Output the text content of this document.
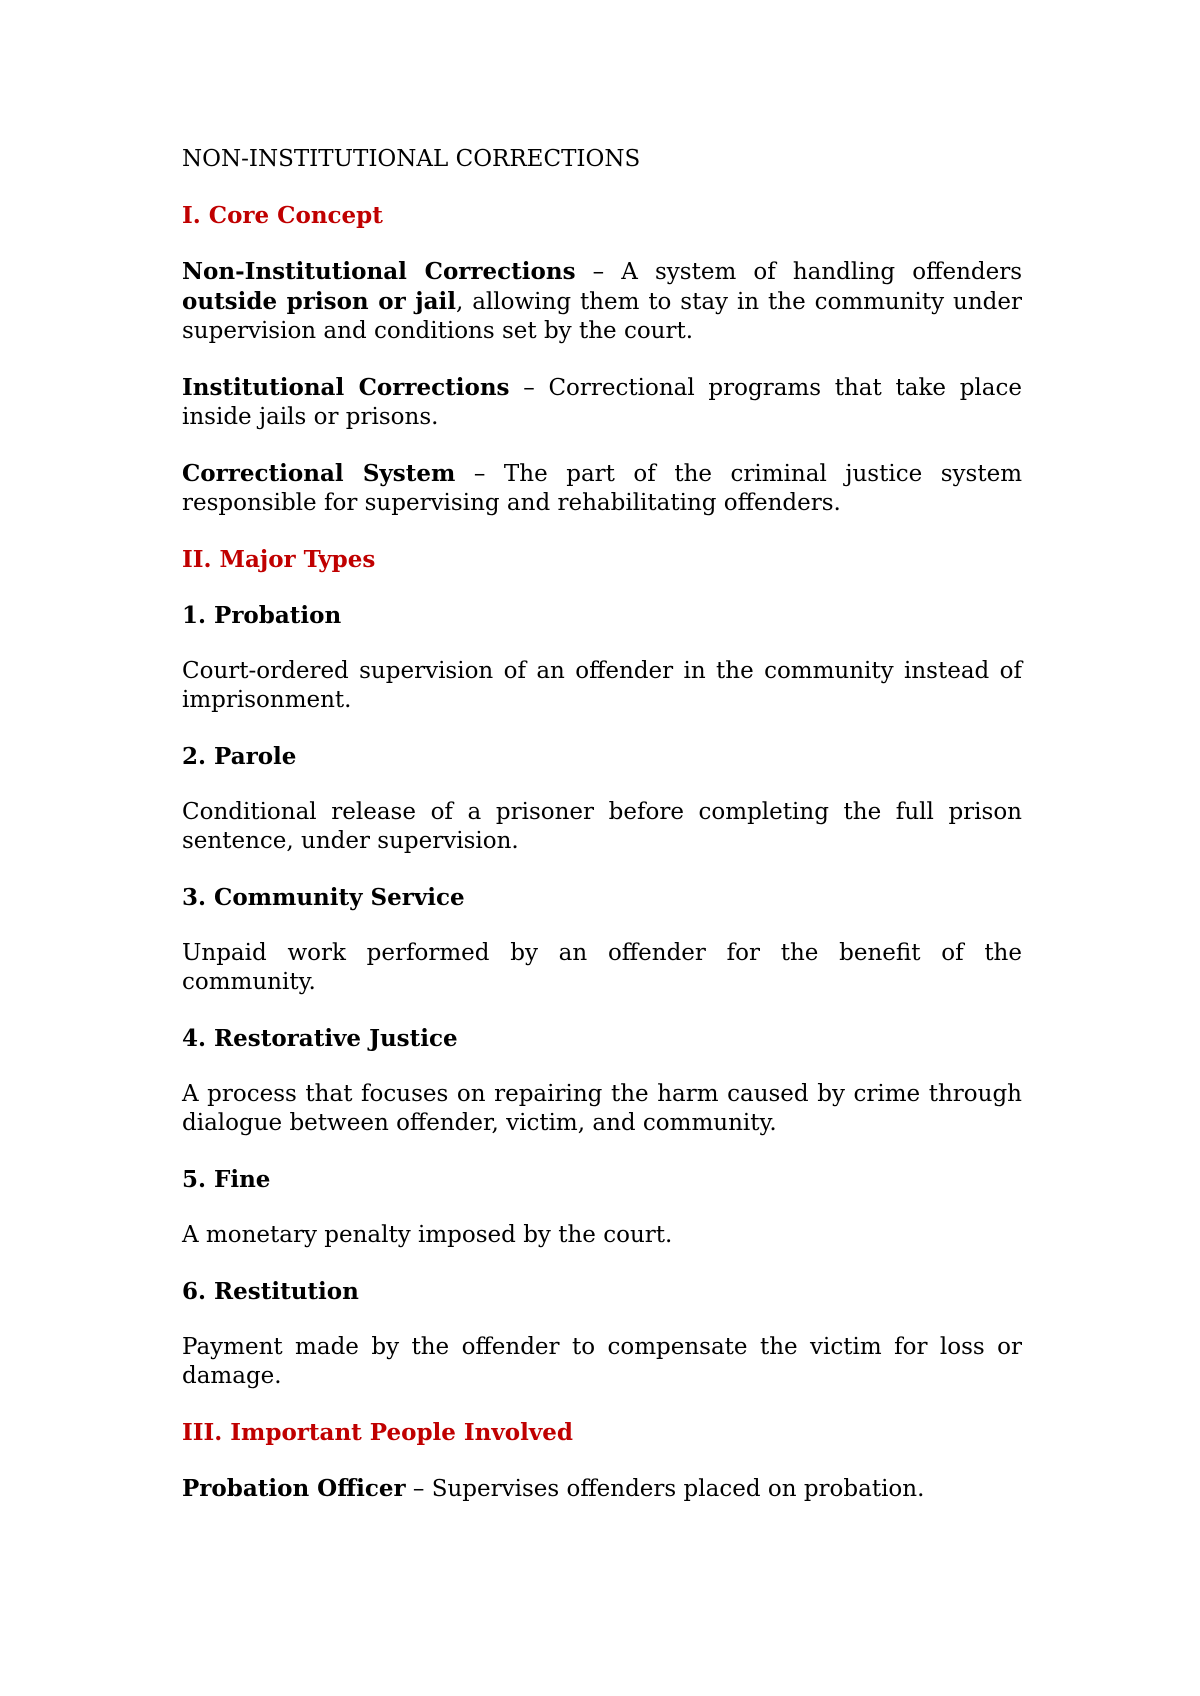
NON-INSTITUTIONAL CORRECTIONS
I. Core Concept

Non-Institutional Corrections – A system of handling offenders outside prison or jail, allowing them to stay in the community under supervision and conditions set by the court.

Institutional Corrections – Correctional programs that take place inside jails or prisons.

Correctional System – The part of the criminal justice system responsible for supervising and rehabilitating offenders.

II. Major Types
1. Probation

Court-ordered supervision of an offender in the community instead of imprisonment.

2. Parole

Conditional release of a prisoner before completing the full prison sentence, under supervision.

3. Community Service

Unpaid work performed by an offender for the benefit of the community.

4. Restorative Justice

A process that focuses on repairing the harm caused by crime through dialogue between offender, victim, and community.

5. Fine

A monetary penalty imposed by the court.

6. Restitution

Payment made by the offender to compensate the victim for loss or damage.

III. Important People Involved

Probation Officer – Supervises offenders placed on probation.
